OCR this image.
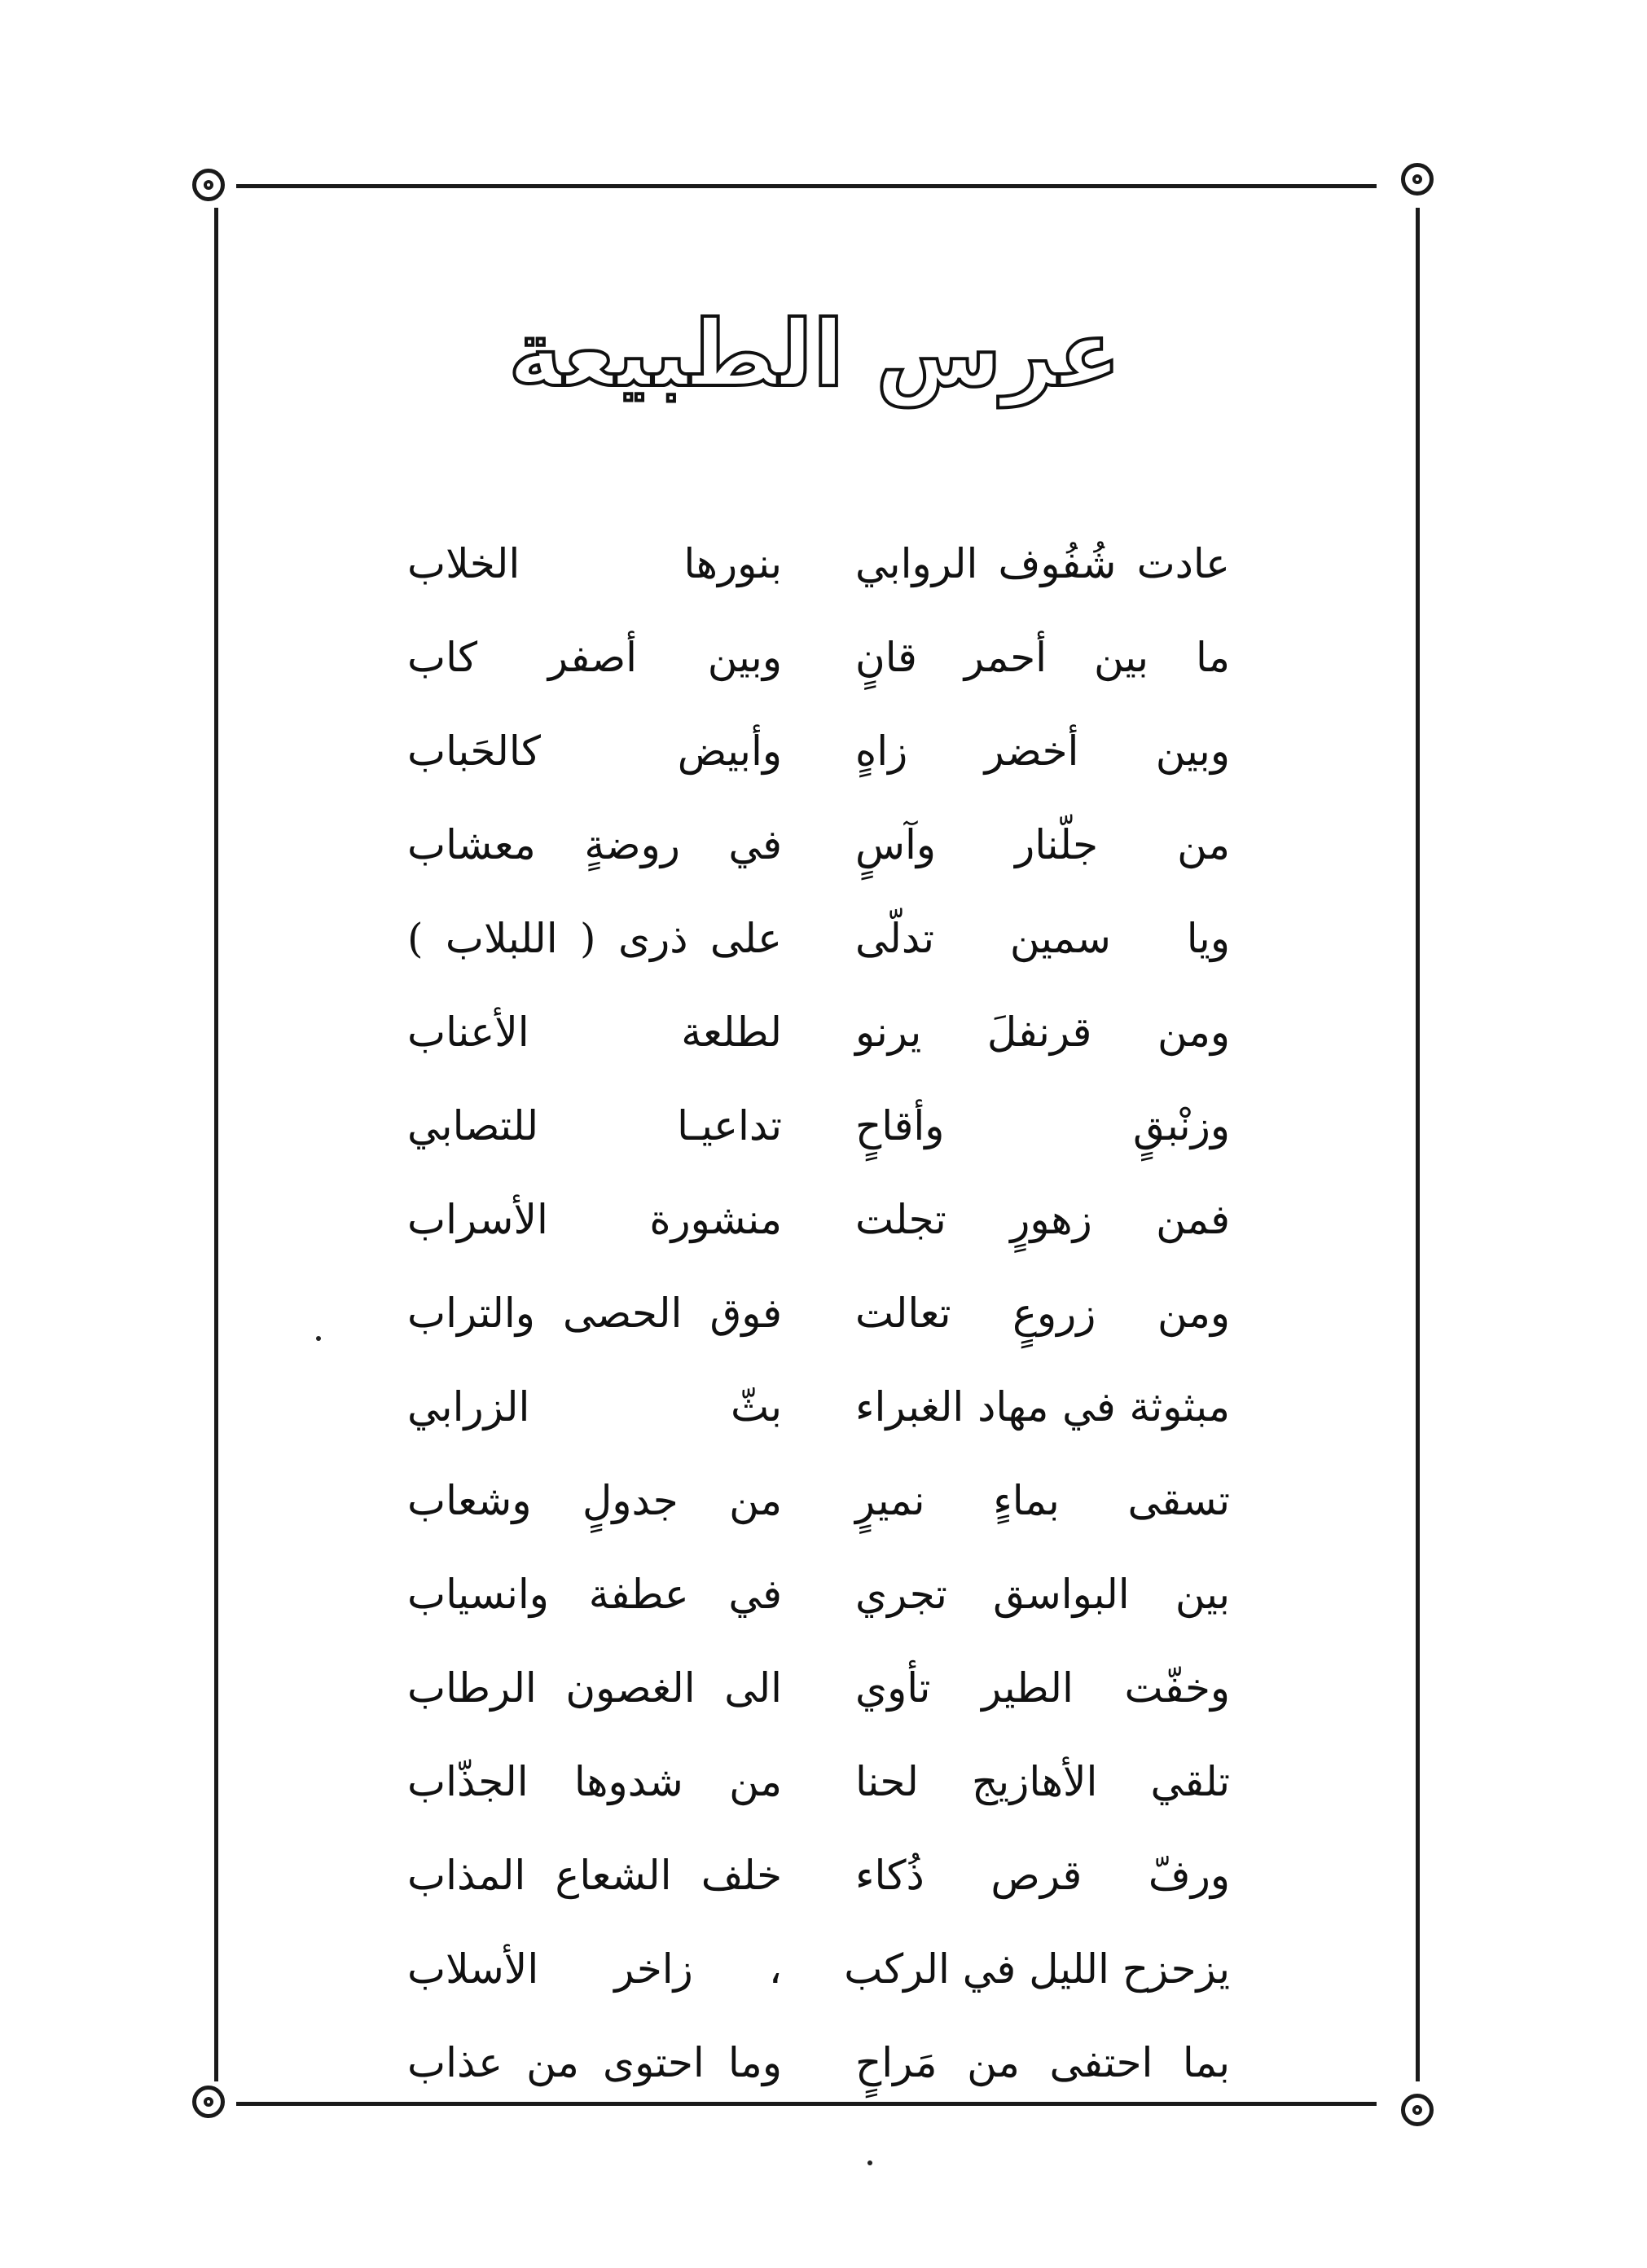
عرس الطبيعة
عادت شُفُوف الروابي
بنورها الخلاب
ما بين أحمر قانٍ
وبين أصفر كاب
وبين أخضر زاهٍ
وأبيض كالحَباب
من جلّنار وآسٍ
في روضةٍ معشاب
ويا سمين تدلّى
على ذرى ( اللبلاب )
ومن قرنفلَ يرنو
لطلعة الأعناب
وزنْبقٍ وأقاحٍ
تداعيـا للتصابي
فمن زهورٍ تجلت
منشورة الأسراب
ومن زروعٍ تعالت
فوق الحصى والتراب
مبثوثة في مهاد الغبراء
بثّ الزرابي
تسقى بماءٍ نميرٍ
من جدولٍ وشعاب
بين البواسق تجري
في عطفة وانسياب
وخفّت الطير تأوي
الى الغصون الرطاب
تلقي الأهازيج لحنا
من شدوها الجذّاب
ورفّ قرص ذُكاء
خلف الشعاع المذاب
يزحزح الليل في الركب
، زاخر الأسلاب
بما احتفى من مَراحٍ
وما احتوى من عذاب
